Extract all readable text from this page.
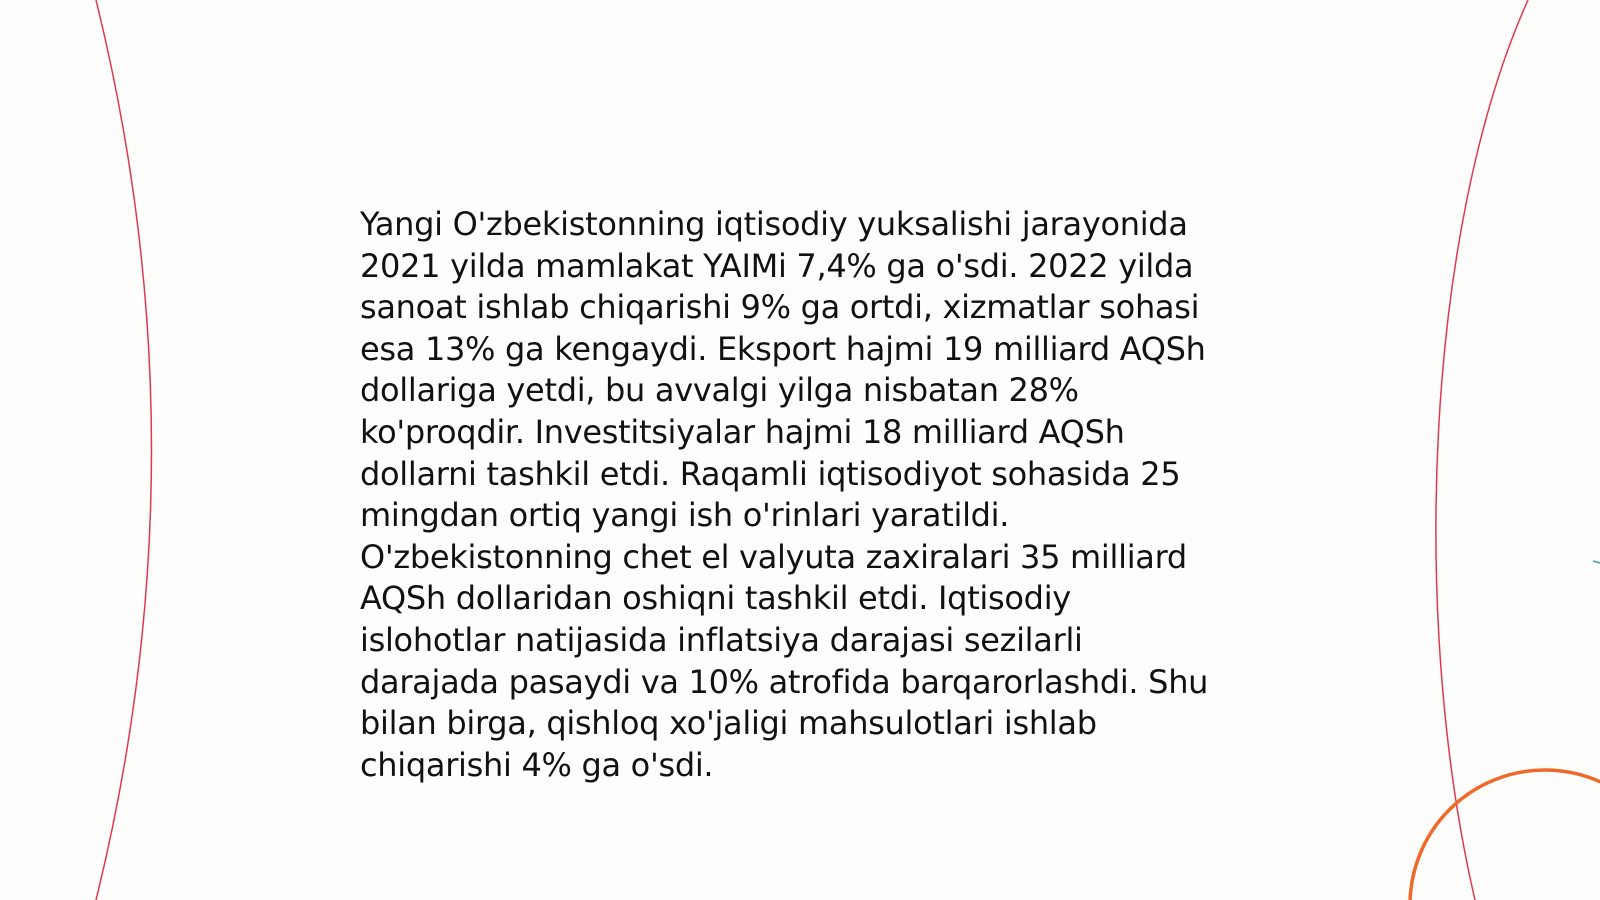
Yangi O'zbekistonning iqtisodiy yuksalishi jarayonida
2021 yilda mamlakat YAIMi 7,4% ga o'sdi. 2022 yilda
sanoat ishlab chiqarishi 9% ga ortdi, xizmatlar sohasi
esa 13% ga kengaydi. Eksport hajmi 19 milliard AQSh
dollariga yetdi, bu avvalgi yilga nisbatan 28%
ko'proqdir. Investitsiyalar hajmi 18 milliard AQSh
dollarni tashkil etdi. Raqamli iqtisodiyot sohasida 25
mingdan ortiq yangi ish o'rinlari yaratildi.
O'zbekistonning chet el valyuta zaxiralari 35 milliard
AQSh dollaridan oshiqni tashkil etdi. Iqtisodiy
islohotlar natijasida inflatsiya darajasi sezilarli
darajada pasaydi va 10% atrofida barqarorlashdi. Shu
bilan birga, qishloq xo'jaligi mahsulotlari ishlab
chiqarishi 4% ga o'sdi.
